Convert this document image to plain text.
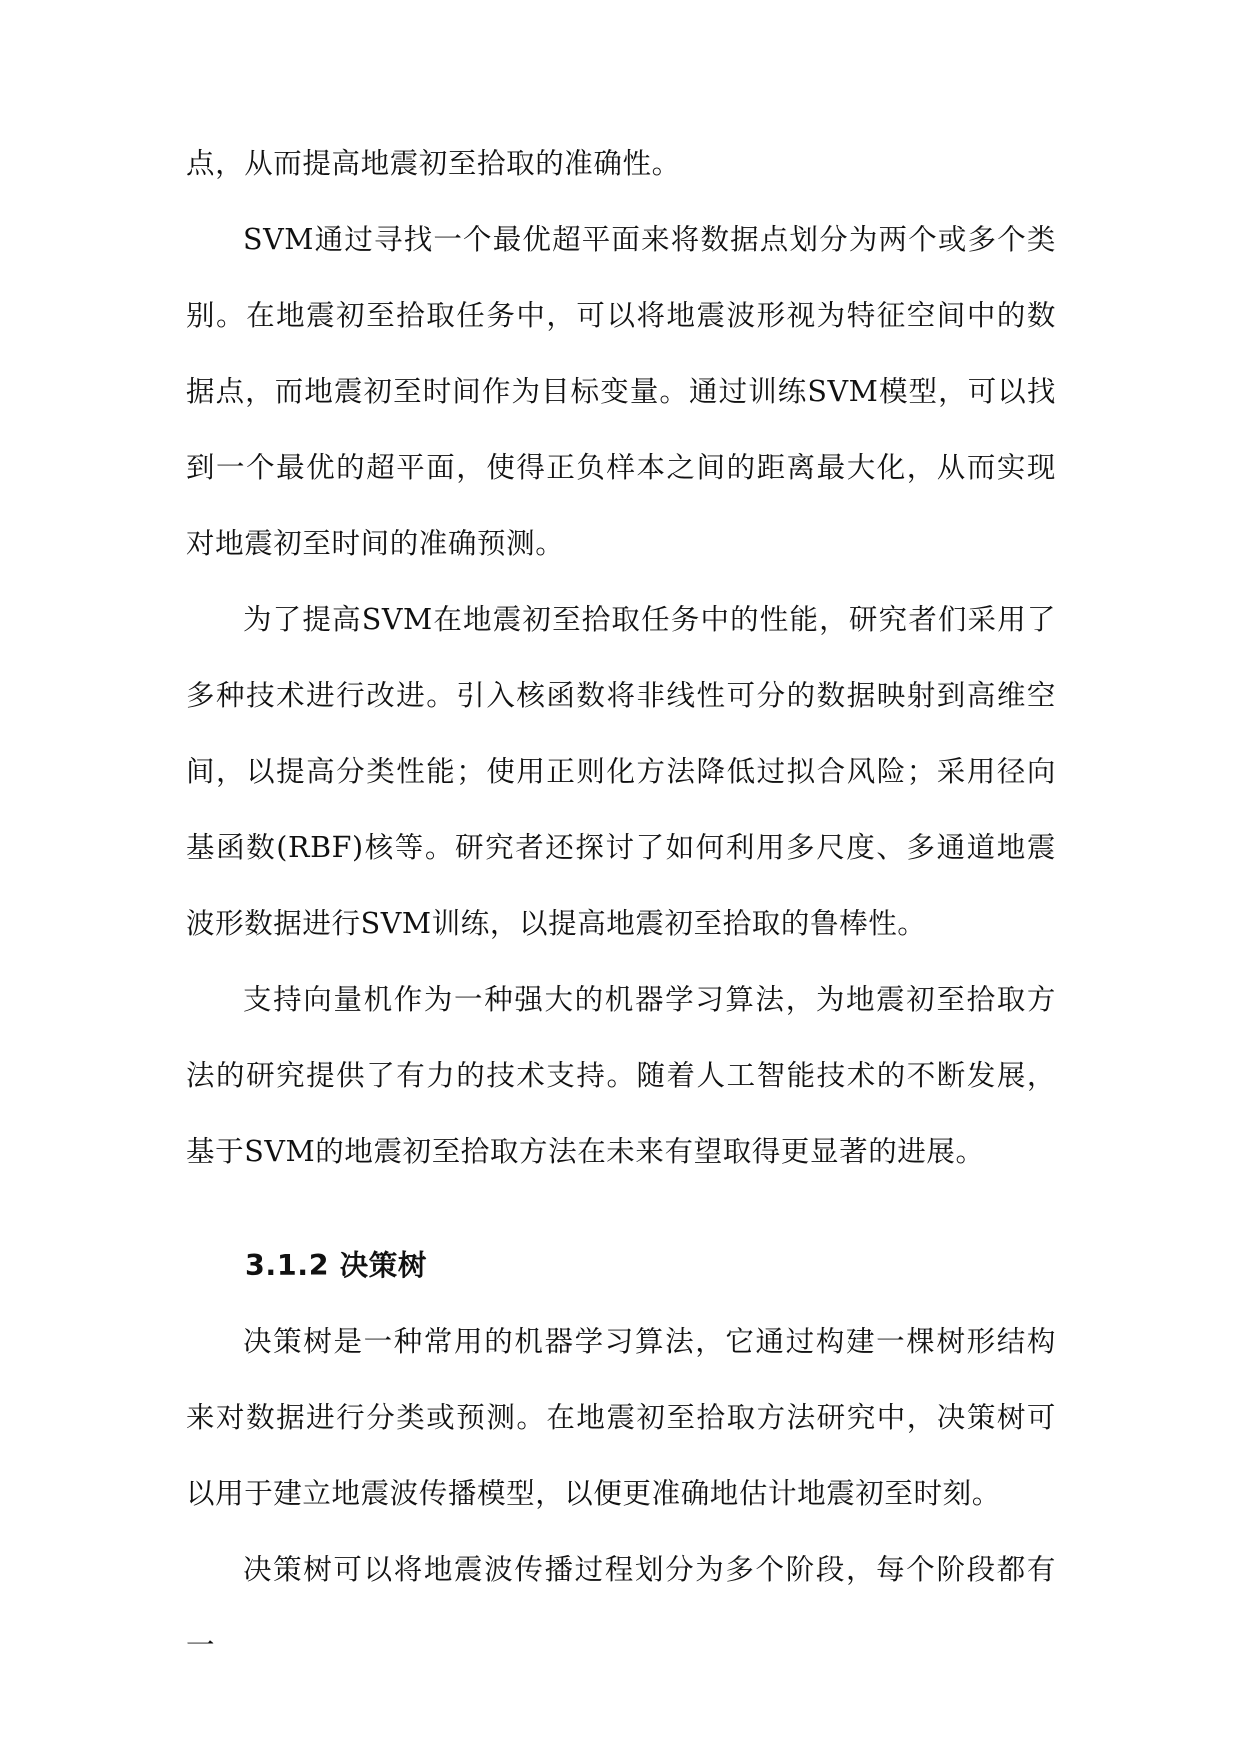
点，从而提高地震初至拾取的准确性。

SVM通过寻找一个最优超平面来将数据点划分为两个或多个类别。在地震初至拾取任务中，可以将地震波形视为特征空间中的数据点，而地震初至时间作为目标变量。通过训练SVM模型，可以找到一个最优的超平面，使得正负样本之间的距离最大化，从而实现对地震初至时间的准确预测。

为了提高SVM在地震初至拾取任务中的性能，研究者们采用了多种技术进行改进。引入核函数将非线性可分的数据映射到高维空间，以提高分类性能；使用正则化方法降低过拟合风险；采用径向基函数(RBF)核等。研究者还探讨了如何利用多尺度、多通道地震波形数据进行SVM训练，以提高地震初至拾取的鲁棒性。

支持向量机作为一种强大的机器学习算法，为地震初至拾取方法的研究提供了有力的技术支持。随着人工智能技术的不断发展，基于SVM的地震初至拾取方法在未来有望取得更显著的进展。

3.1.2 决策树

决策树是一种常用的机器学习算法，它通过构建一棵树形结构来对数据进行分类或预测。在地震初至拾取方法研究中，决策树可以用于建立地震波传播模型，以便更准确地估计地震初至时刻。

决策树可以将地震波传播过程划分为多个阶段，每个阶段都有一
